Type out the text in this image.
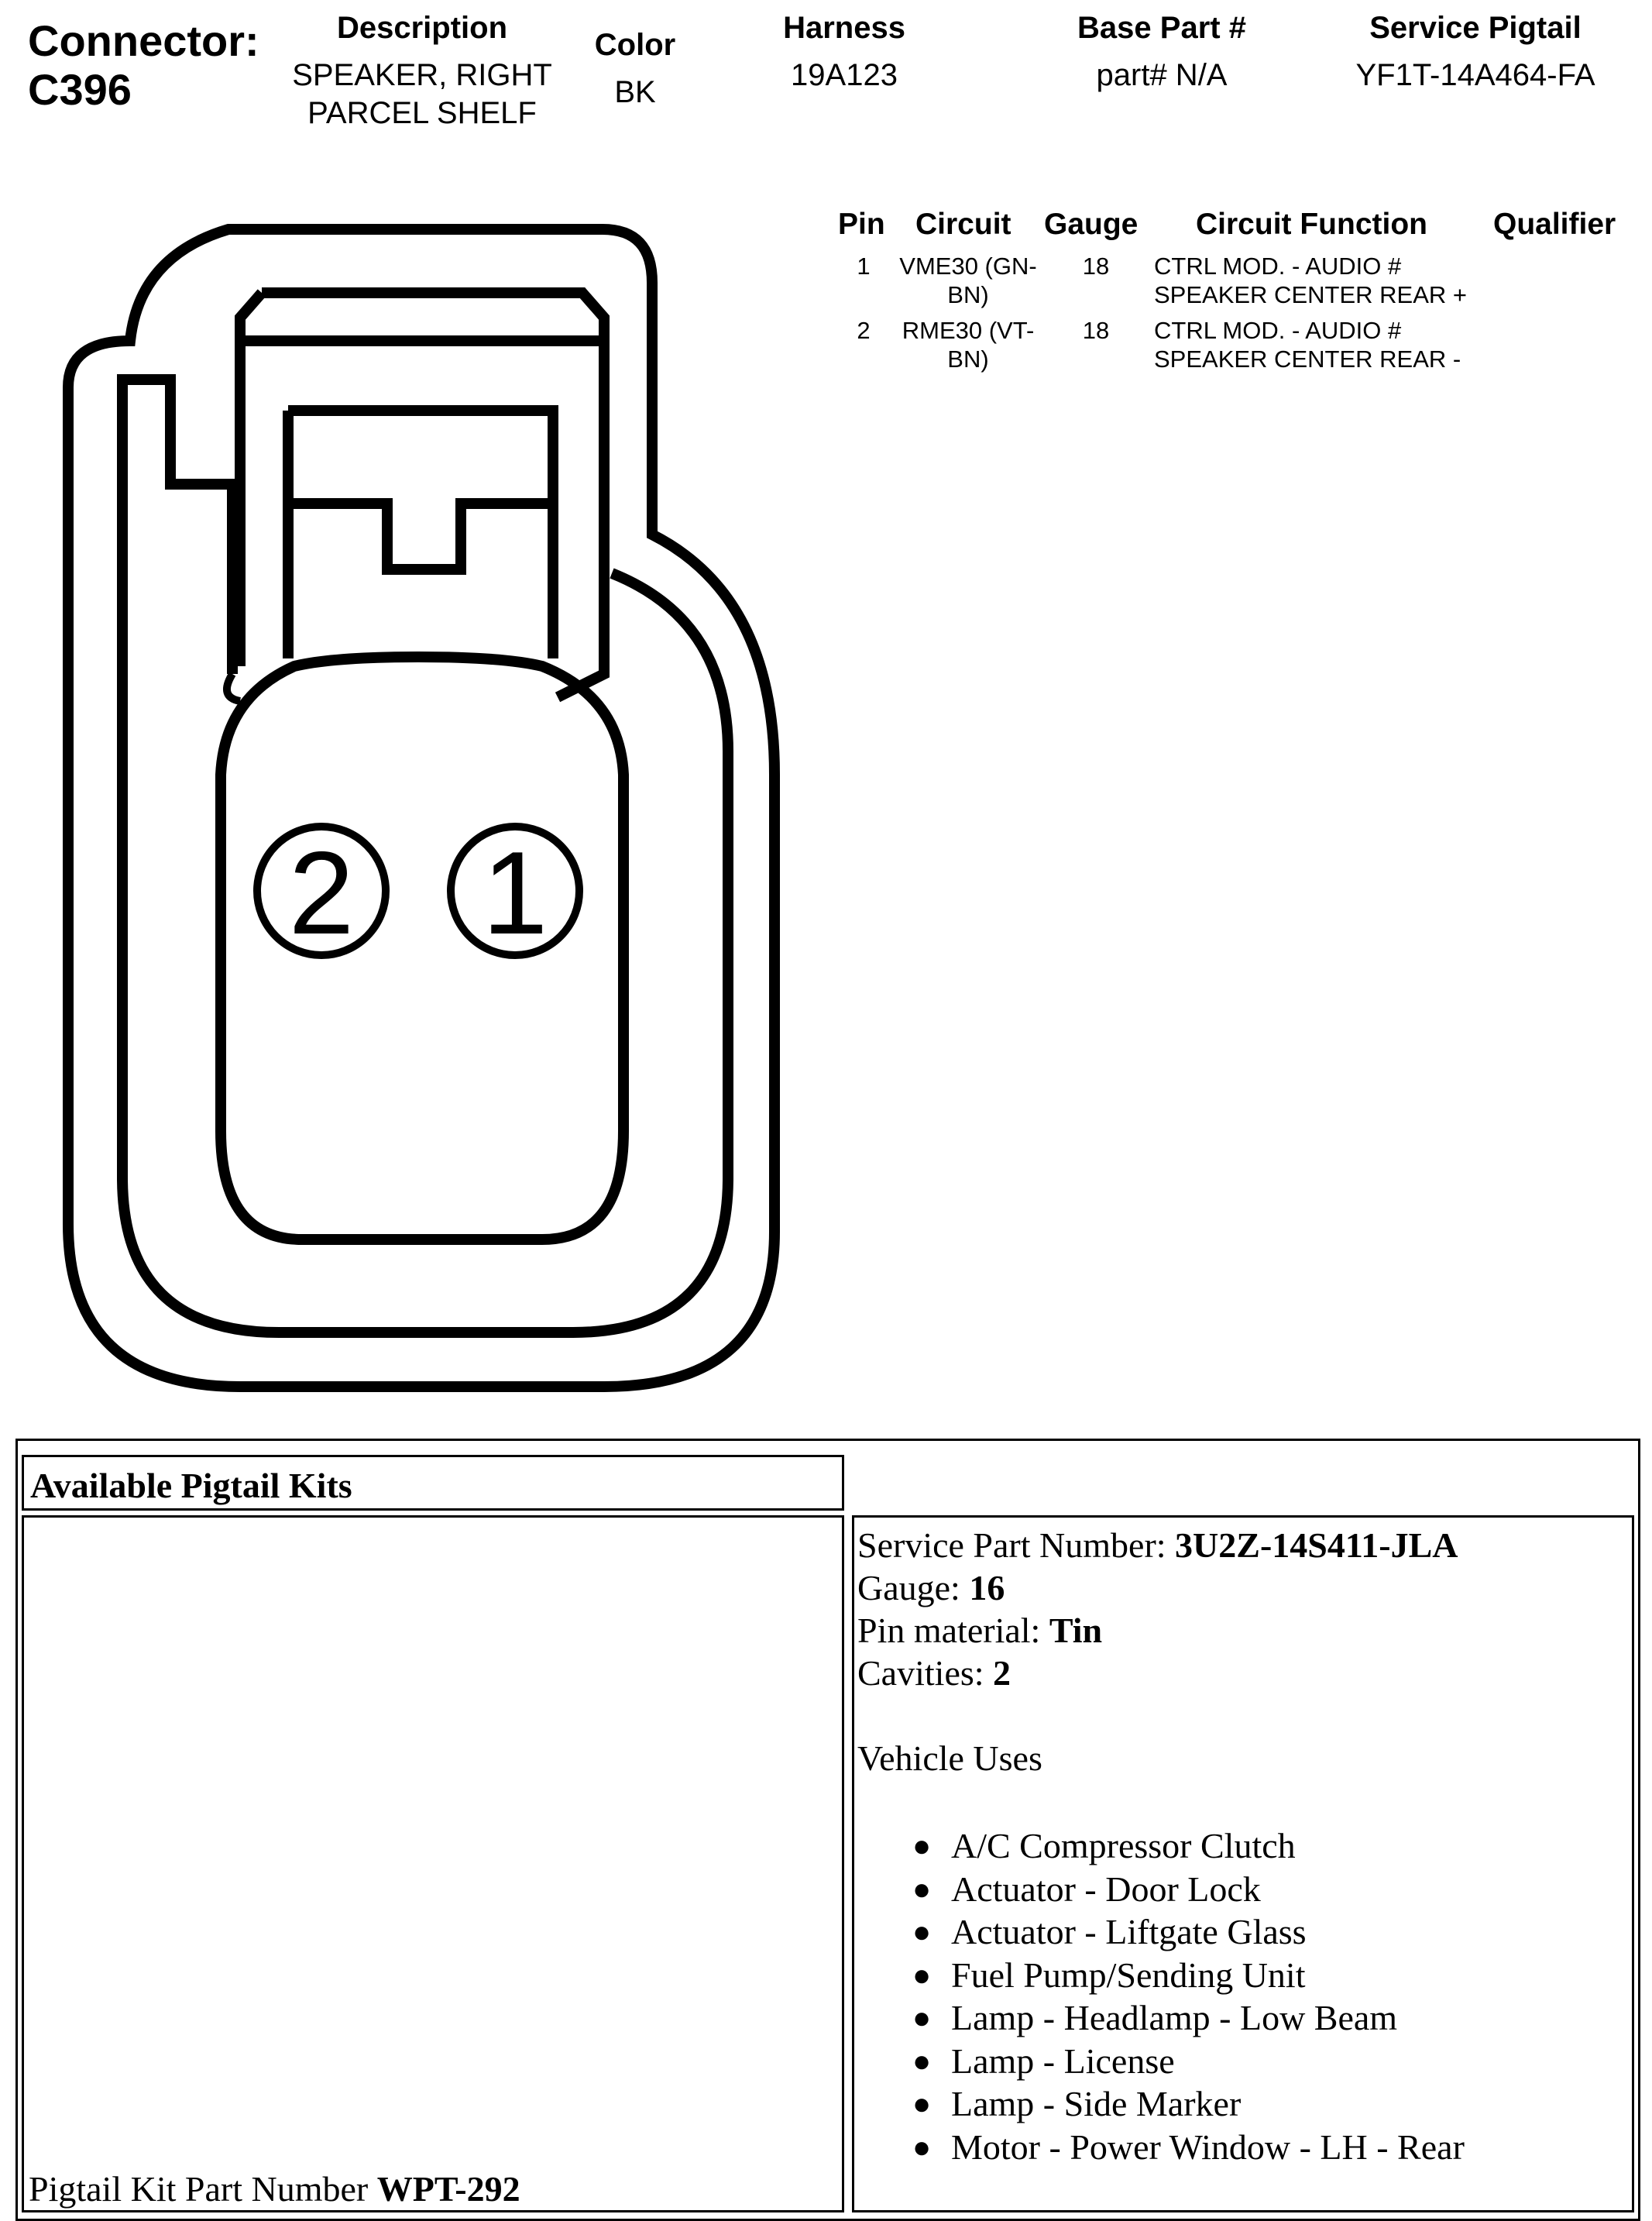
Connector:
C396
Description
SPEAKER, RIGHT PARCEL SHELF
Color
BK
Harness
19A123
Base Part #
part# N/A
Service Pigtail
YF1T-14A464-FA
Pin Circuit Gauge Circuit Function Qualifier
1	VME30 (GN-BN)
18 CTRL MOD. - AUDIO # SPEAKER CENTER REAR +
2	RME30 (VT-BN)
18 CTRL MOD. - AUDIO # SPEAKER CENTER REAR -
2 1
Available Pigtail Kits
Pigtail Kit Part Number WPT-292
Service Part Number: 3U2Z-14S411-JLA
Gauge: 16
Pin material: Tin
Cavities: 2
Vehicle Uses
● A/C Compressor Clutch
● Actuator - Door Lock
● Actuator - Liftgate Glass
● Fuel Pump/Sending Unit
● Lamp - Headlamp - Low Beam
● Lamp - License
● Lamp - Side Marker
● Motor - Power Window - LH - Rear
